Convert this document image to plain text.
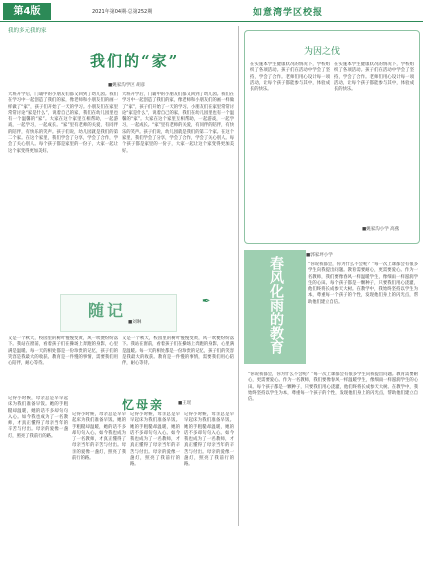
第4版	2021年第04期·总第252期	如意湾学区校报
我的多元我的家
我们的“家”
■姚家沟学区 胡彦
大班开学后，门诵中的小朋友们都又回到了幼儿园。我们在学习中一起创造了我们的家，像老师和小朋友们的画一样做了“家”，孩子们开始了一天的学习。小朋友们在家里常常讨论“家是什么”，说着自己的家，我们在幼儿园里也有一个温馨的“家”。大家在这个家里互相帮助，一起游戏，一起学习，一起成长。“家”里有老师的关爱，有同伴的陪伴，有快乐的笑声。孩子们说，幼儿园就是我们的第二个家。在这个家里，我们学会了分享，学会了合作，学会了关心别人。每个孩子都是家里的一份子，大家一起让这个家变得更加美好。
大班开学后，门诵中的小朋友们都又回到了幼儿园。我们在学习中一起创造了我们的家，像老师和小朋友们的画一样做了“家”，孩子们开始了一天的学习。小朋友们在家里常常讨论“家是什么”，说着自己的家，我们在幼儿园里也有一个温馨的“家”。大家在这个家里互相帮助，一起游戏，一起学习，一起成长。“家”里有老师的关爱，有同伴的陪伴，有快乐的笑声。孩子们说，幼儿园就是我们的第二个家。在这个家里，我们学会了分享，学会了合作，学会了关心别人。每个孩子都是家里的一份子，大家一起让这个家变得更加美好。
随记
■刘琳
又是一个秋天，校园里的树叶慢慢变黄，风一吹便纷纷落下。我站在窗前，看着孩子们在操场上奔跑的身影，心里满是温暖。每一天的相处都是一份珍贵的记忆，孩子们的笑容是我最大的收获。教育是一件慢的事情，需要我们用心陪伴，耐心等待。
又是一个秋天，校园里的树叶慢慢变黄，风一吹便纷纷落下。我站在窗前，看着孩子们在操场上奔跑的身影，心里满是温暖。每一天的相处都是一份珍贵的记忆，孩子们的笑容是我最大的收获。教育是一件慢的事情，需要我们用心陪伴，耐心等待。
忆母亲	■王瑶
记得小时候，母亲总是早早起床为我们准备早饭。她的手粗糙却温暖，她的话不多却句句入心。如今我也成为了一名教师，才真正懂得了母亲当年的辛苦与付出。母亲的爱像一盏灯，照亮了我前行的路。
记得小时候，母亲总是早早起床为我们准备早饭。她的手粗糙却温暖，她的话不多却句句入心。如今我也成为了一名教师，才真正懂得了母亲当年的辛苦与付出。母亲的爱像一盏灯，照亮了我前行的路。
记得小时候，母亲总是早早起床为我们准备早饭。她的手粗糙却温暖，她的话不多却句句入心。如今我也成为了一名教师，才真正懂得了母亲当年的辛苦与付出。母亲的爱像一盏灯，照亮了我前行的路。
记得小时候，母亲总是早早起床为我们准备早饭。她的手粗糙却温暖，她的话不多却句句入心。如今我也成为了一名教师，才真正懂得了母亲当年的辛苦与付出。母亲的爱像一盏灯，照亮了我前行的路。
为因之伐
在实施本学生健康状况的情况下，学校组织了各项活动。孩子们在活动中学会了坚持，学会了合作。老师们用心设计每一项活动，让每个孩子都能参与其中，体验成长的快乐。
在实施本学生健康状况的情况下，学校组织了各项活动。孩子们在活动中学会了坚持，学会了合作。老师们用心设计每一项活动，让每个孩子都能参与其中，体验成长的快乐。
■姚家沟小学 高燕
春风化雨的教育
■郭家坪小学
“你说我都会，你为什么不会呢？”每一次上课都会有很多学生向我提出问题。教育需要耐心，更需要爱心。作为一名教师，我们要像春风一样温暖学生，像细雨一样滋润学生的心田。每个孩子都是一颗种子，只要我们用心浇灌，他们终将长成参天大树。在教学中，我始终坚持以学生为本，尊重每一个孩子的个性，发现他们身上的闪光点，帮助他们建立自信。
“你说我都会，你为什么不会呢？”每一次上课都会有很多学生向我提出问题。教育需要耐心，更需要爱心。作为一名教师，我们要像春风一样温暖学生，像细雨一样滋润学生的心田。每个孩子都是一颗种子，只要我们用心浇灌，他们终将长成参天大树。在教学中，我始终坚持以学生为本，尊重每一个孩子的个性，发现他们身上的闪光点，帮助他们建立自信。
✒
